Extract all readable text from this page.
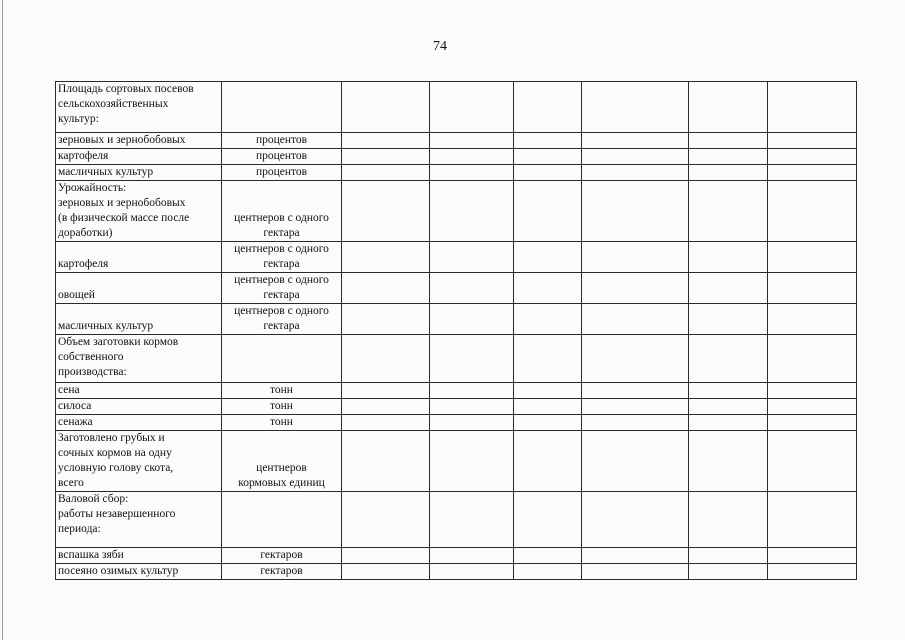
74
Площадь сортовых посевов
сельскохозяйственных
культур:							

зерновых и зернобобовых	процентов						

картофеля	процентов						

масличных культур	процентов						

Урожайность:
зерновых и зернобобовых
(в физической массе после
доработки)	центнеров с одного
гектара						

картофеля	центнеров с одного
гектара						

овощей	центнеров с одного
гектара						

масличных культур	центнеров с одного
гектара						

Объем заготовки кормов
собственного
производства:							

сена	тонн						

силоса	тонн						

сенажа	тонн						

Заготовлено грубых и
сочных кормов на одну
условную голову скота,
всего	центнеров
кормовых единиц						

Валовой сбор:
работы незавершенного
периода:							

вспашка зяби	гектаров						

посеяно озимых культур	гектаров						
